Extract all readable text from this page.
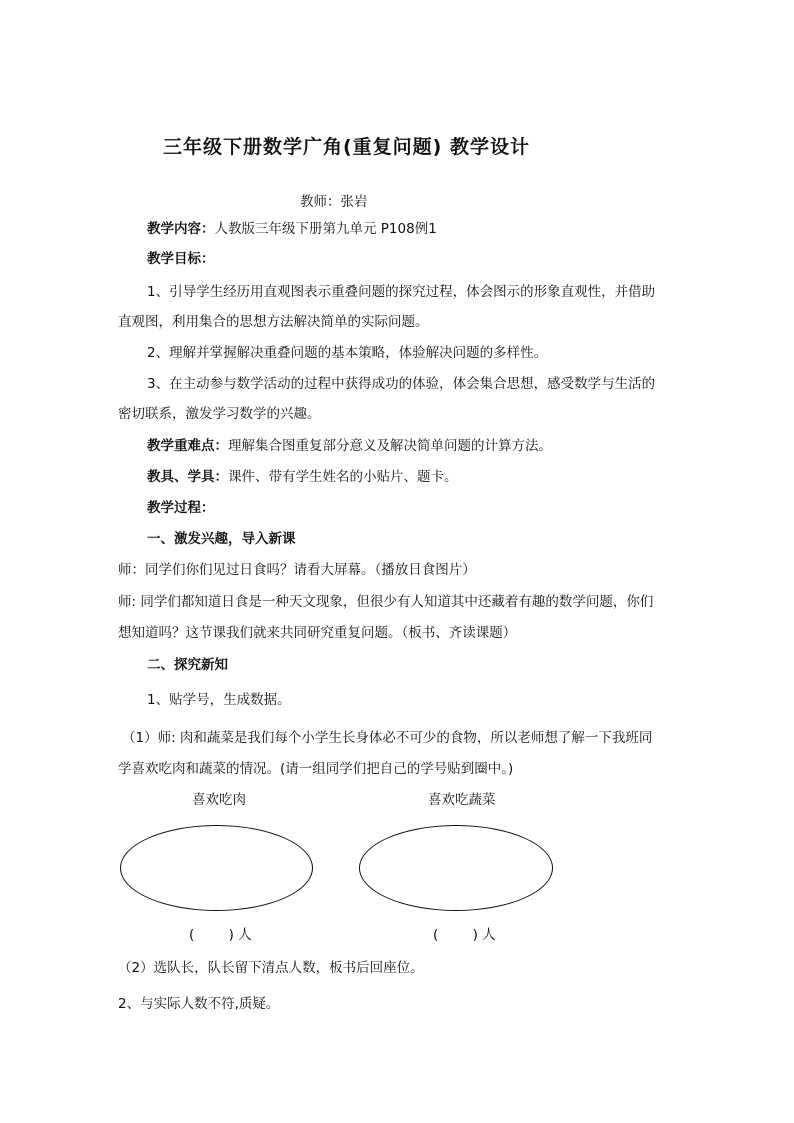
三年级下册数学广角(重复问题) 教学设计
教师：张岩
教学内容：人教版三年级下册第九单元 P108例1
教学目标：
1、引导学生经历用直观图表示重叠问题的探究过程，体会图示的形象直观性，并借助
直观图，利用集合的思想方法解决简单的实际问题。
2、理解并掌握解决重叠问题的基本策略，体验解决问题的多样性。
3、在主动参与数学活动的过程中获得成功的体验，体会集合思想，感受数学与生活的
密切联系，激发学习数学的兴趣。
教学重难点：理解集合图重复部分意义及解决简单问题的计算方法。
教具、学具：课件、带有学生姓名的小贴片、题卡。
教学过程：
一、激发兴趣，导入新课
师：同学们你们见过日食吗？请看大屏幕。（播放日食图片）
师: 同学们都知道日食是一种天文现象，但很少有人知道其中还藏着有趣的数学问题，你们
想知道吗？这节课我们就来共同研究重复问题。（板书、齐读课题）
二、探究新知
1、贴学号，生成数据。
（1）师: 肉和蔬菜是我们每个小学生长身体必不可少的食物，所以老师想了解一下我班同
学喜欢吃肉和蔬菜的情况。(请一组同学们把自己的学号贴到圈中。)
喜欢吃肉	喜欢吃蔬菜
(        ) 人	(        ) 人
（2）选队长，队长留下清点人数，板书后回座位。
2、与实际人数不符,质疑。
